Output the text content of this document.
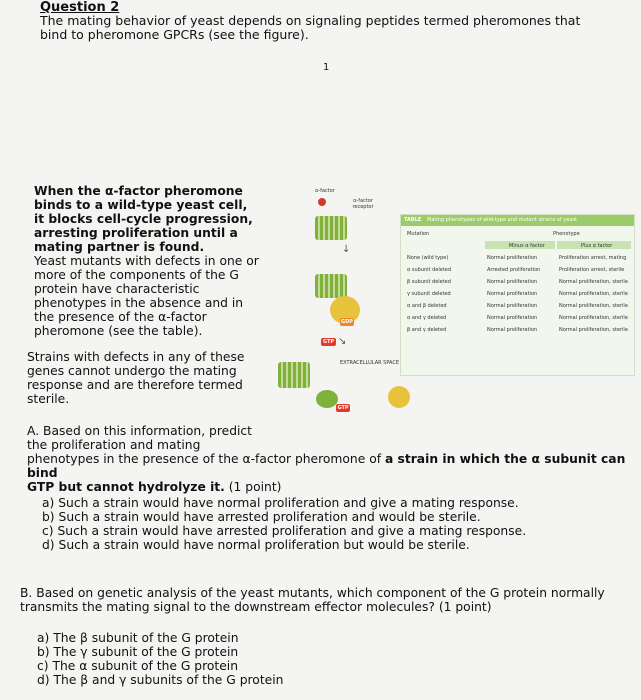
Question 2
The mating behavior of yeast depends on signaling peptides termed pheromones that bind to pheromone GPCRs (see the figure).
1
When the α-factor pheromone binds to a wild-type yeast cell, it blocks cell-cycle progression, arresting proliferation until a mating partner is found.
Yeast mutants with defects in one or more of the components of the G protein have characteristic phenotypes in the absence and in the presence of the α-factor pheromone (see the table).
Strains with defects in any of these genes cannot undergo the mating response and are therefore termed sterile.
α-factor
α-factor receptor
↓
GDP
GTP ↘
EXTRACELLULAR SPACE
GTP
TABLE Mating phenotypes of wild-type and mutant strains of yeast
Mutation	Phenotype
Minus α factor	Plus α factor
None (wild type)	Normal proliferation	Proliferation arrest, mating
α subunit deleted	Arrested proliferation	Proliferation arrest, sterile
β subunit deleted	Normal proliferation	Normal proliferation, sterile
γ subunit deleted	Normal proliferation	Normal proliferation, sterile
α and β deleted	Normal proliferation	Normal proliferation, sterile
α and γ deleted	Normal proliferation	Normal proliferation, sterile
β and γ deleted	Normal proliferation	Normal proliferation, sterile
A. Based on this information, predict
the proliferation and mating
phenotypes in the presence of the α-factor pheromone of a strain in which the α subunit can bind
GTP but cannot hydrolyze it. (1 point)
a) Such a strain would have normal proliferation and give a mating response.
b) Such a strain would have arrested proliferation and would be sterile.
c) Such a strain would have arrested proliferation and give a mating response.
d) Such a strain would have normal proliferation but would be sterile.
B. Based on genetic analysis of the yeast mutants, which component of the G protein normally transmits the mating signal to the downstream effector molecules? (1 point)
a) The β subunit of the G protein
b) The γ subunit of the G protein
c) The α subunit of the G protein
d) The β and γ subunits of the G protein
